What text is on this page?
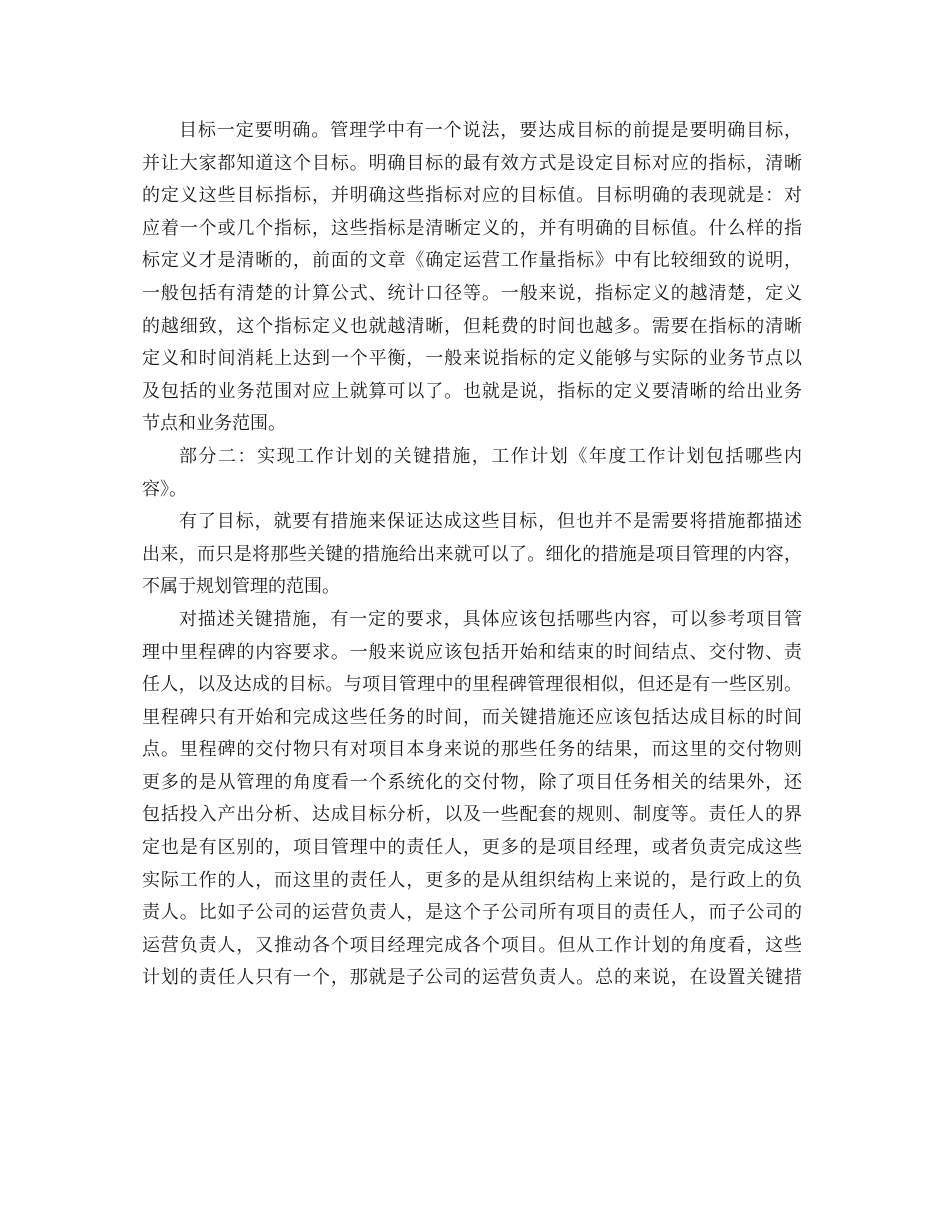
目标一定要明确。管理学中有一个说法，要达成目标的前提是要明确目标，
并让大家都知道这个目标。明确目标的最有效方式是设定目标对应的指标，清晰
的定义这些目标指标，并明确这些指标对应的目标值。目标明确的表现就是：对
应着一个或几个指标，这些指标是清晰定义的，并有明确的目标值。什么样的指
标定义才是清晰的，前面的文章《确定运营工作量指标》中有比较细致的说明，
一般包括有清楚的计算公式、统计口径等。一般来说，指标定义的越清楚，定义
的越细致，这个指标定义也就越清晰，但耗费的时间也越多。需要在指标的清晰
定义和时间消耗上达到一个平衡，一般来说指标的定义能够与实际的业务节点以
及包括的业务范围对应上就算可以了。也就是说，指标的定义要清晰的给出业务
节点和业务范围。
部分二：实现工作计划的关键措施，工作计划《年度工作计划包括哪些内
容》。
有了目标，就要有措施来保证达成这些目标，但也并不是需要将措施都描述
出来，而只是将那些关键的措施给出来就可以了。细化的措施是项目管理的内容，
不属于规划管理的范围。
对描述关键措施，有一定的要求，具体应该包括哪些内容，可以参考项目管
理中里程碑的内容要求。一般来说应该包括开始和结束的时间结点、交付物、责
任人，以及达成的目标。与项目管理中的里程碑管理很相似，但还是有一些区别。
里程碑只有开始和完成这些任务的时间，而关键措施还应该包括达成目标的时间
点。里程碑的交付物只有对项目本身来说的那些任务的结果，而这里的交付物则
更多的是从管理的角度看一个系统化的交付物，除了项目任务相关的结果外，还
包括投入产出分析、达成目标分析，以及一些配套的规则、制度等。责任人的界
定也是有区别的，项目管理中的责任人，更多的是项目经理，或者负责完成这些
实际工作的人，而这里的责任人，更多的是从组织结构上来说的，是行政上的负
责人。比如子公司的运营负责人，是这个子公司所有项目的责任人，而子公司的
运营负责人，又推动各个项目经理完成各个项目。但从工作计划的角度看，这些
计划的责任人只有一个，那就是子公司的运营负责人。总的来说，在设置关键措
